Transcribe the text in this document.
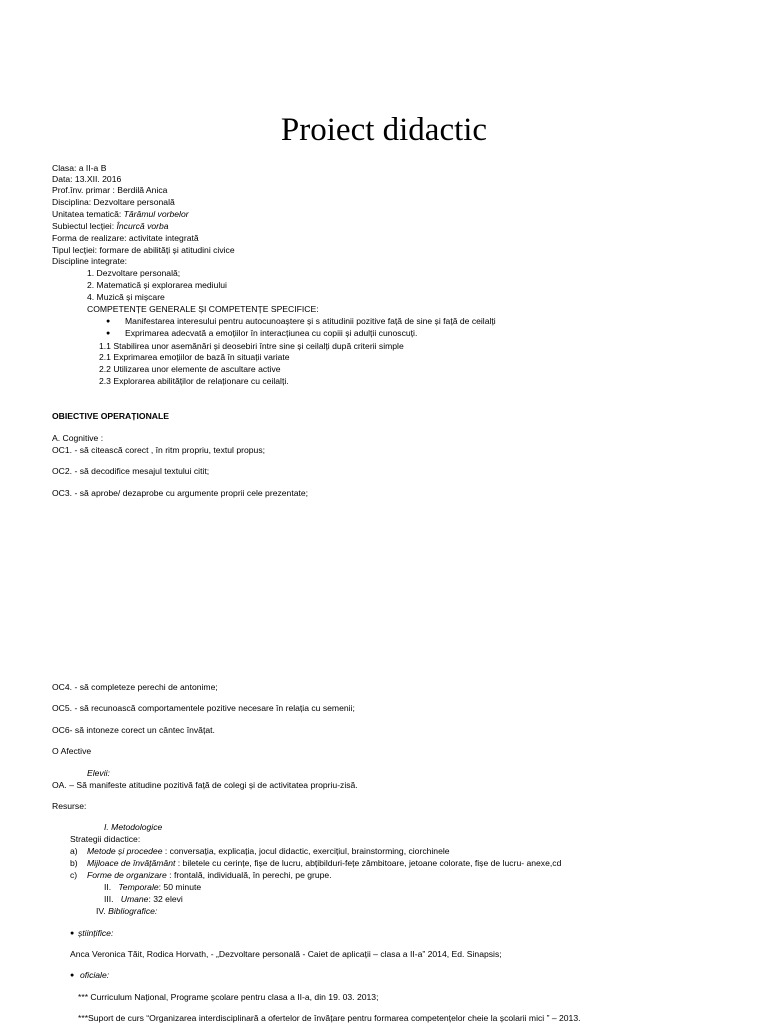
Proiect didactic
Clasa: a II-a B
Data: 13.XII. 2016
Prof.înv. primar : Berdilă Anica
Disciplina: Dezvoltare personală
Unitatea tematică: Tărâmul vorbelor
Subiectul lecției: Încurcă vorba
Forma de realizare: activitate integrată
Tipul lecției: formare de abilități și atitudini civice
Discipline integrate:
1. Dezvoltare personală;
2. Matematică și explorarea mediului
4. Muzică și mișcare
COMPETENȚE GENERALE ȘI COMPETENȚE SPECIFICE:
● Manifestarea interesului pentru autocunoaștere și s atitudinii pozitive față de sine și față de ceilalți
● Exprimarea adecvată a emoțiilor în interacțiunea cu copiii și adulții cunoscuți.
1.1 Stabilirea unor asemănări și deosebiri între sine și ceilalți după criterii simple
2.1 Exprimarea emoțiilor de bază în situații variate
2.2 Utilizarea unor elemente de ascultare active
2.3 Explorarea abilităților de relaționare cu ceilalți.
OBIECTIVE OPERAȚIONALE
A. Cognitive :
OC1. - să citească corect , în ritm propriu, textul propus;
OC2. - să decodifice mesajul textului citit;
OC3. - să aprobe/ dezaprobe cu argumente proprii cele prezentate;
OC4. - să completeze perechi de antonime;
OC5. - să recunoască comportamentele pozitive necesare în relația cu semenii;
OC6- să intoneze corect un cântec învățat.
O Afective
Elevii:
OA. – Să manifeste atitudine pozitivă față de colegi și de activitatea propriu-zisă.
Resurse:
I. Metodologice
Strategii didactice:
a) Metode și procedee : conversația, explicația, jocul didactic, exercițiul, brainstorming, ciorchinele
b) Mijloace de învățământ : biletele cu cerințe, fișe de lucru, abțibilduri-fețe zâmbitoare, jetoane colorate, fișe de lucru- anexe,cd
c) Forme de organizare : frontală, individuală, în perechi, pe grupe.
II. Temporale: 50 minute
III. Umane: 32 elevi
IV. Bibliografice:
● științifice:
Anca Veronica Tăit, Rodica Horvath, - „Dezvoltare personală - Caiet de aplicații – clasa a II-a” 2014, Ed. Sinapsis;
● oficiale:
*** Curriculum Național, Programe școlare pentru clasa a II-a, din 19. 03. 2013;
***Suport de curs “Organizarea interdisciplinară a ofertelor de învățare pentru formarea competențelor cheie la școlarii mici ” – 2013.
